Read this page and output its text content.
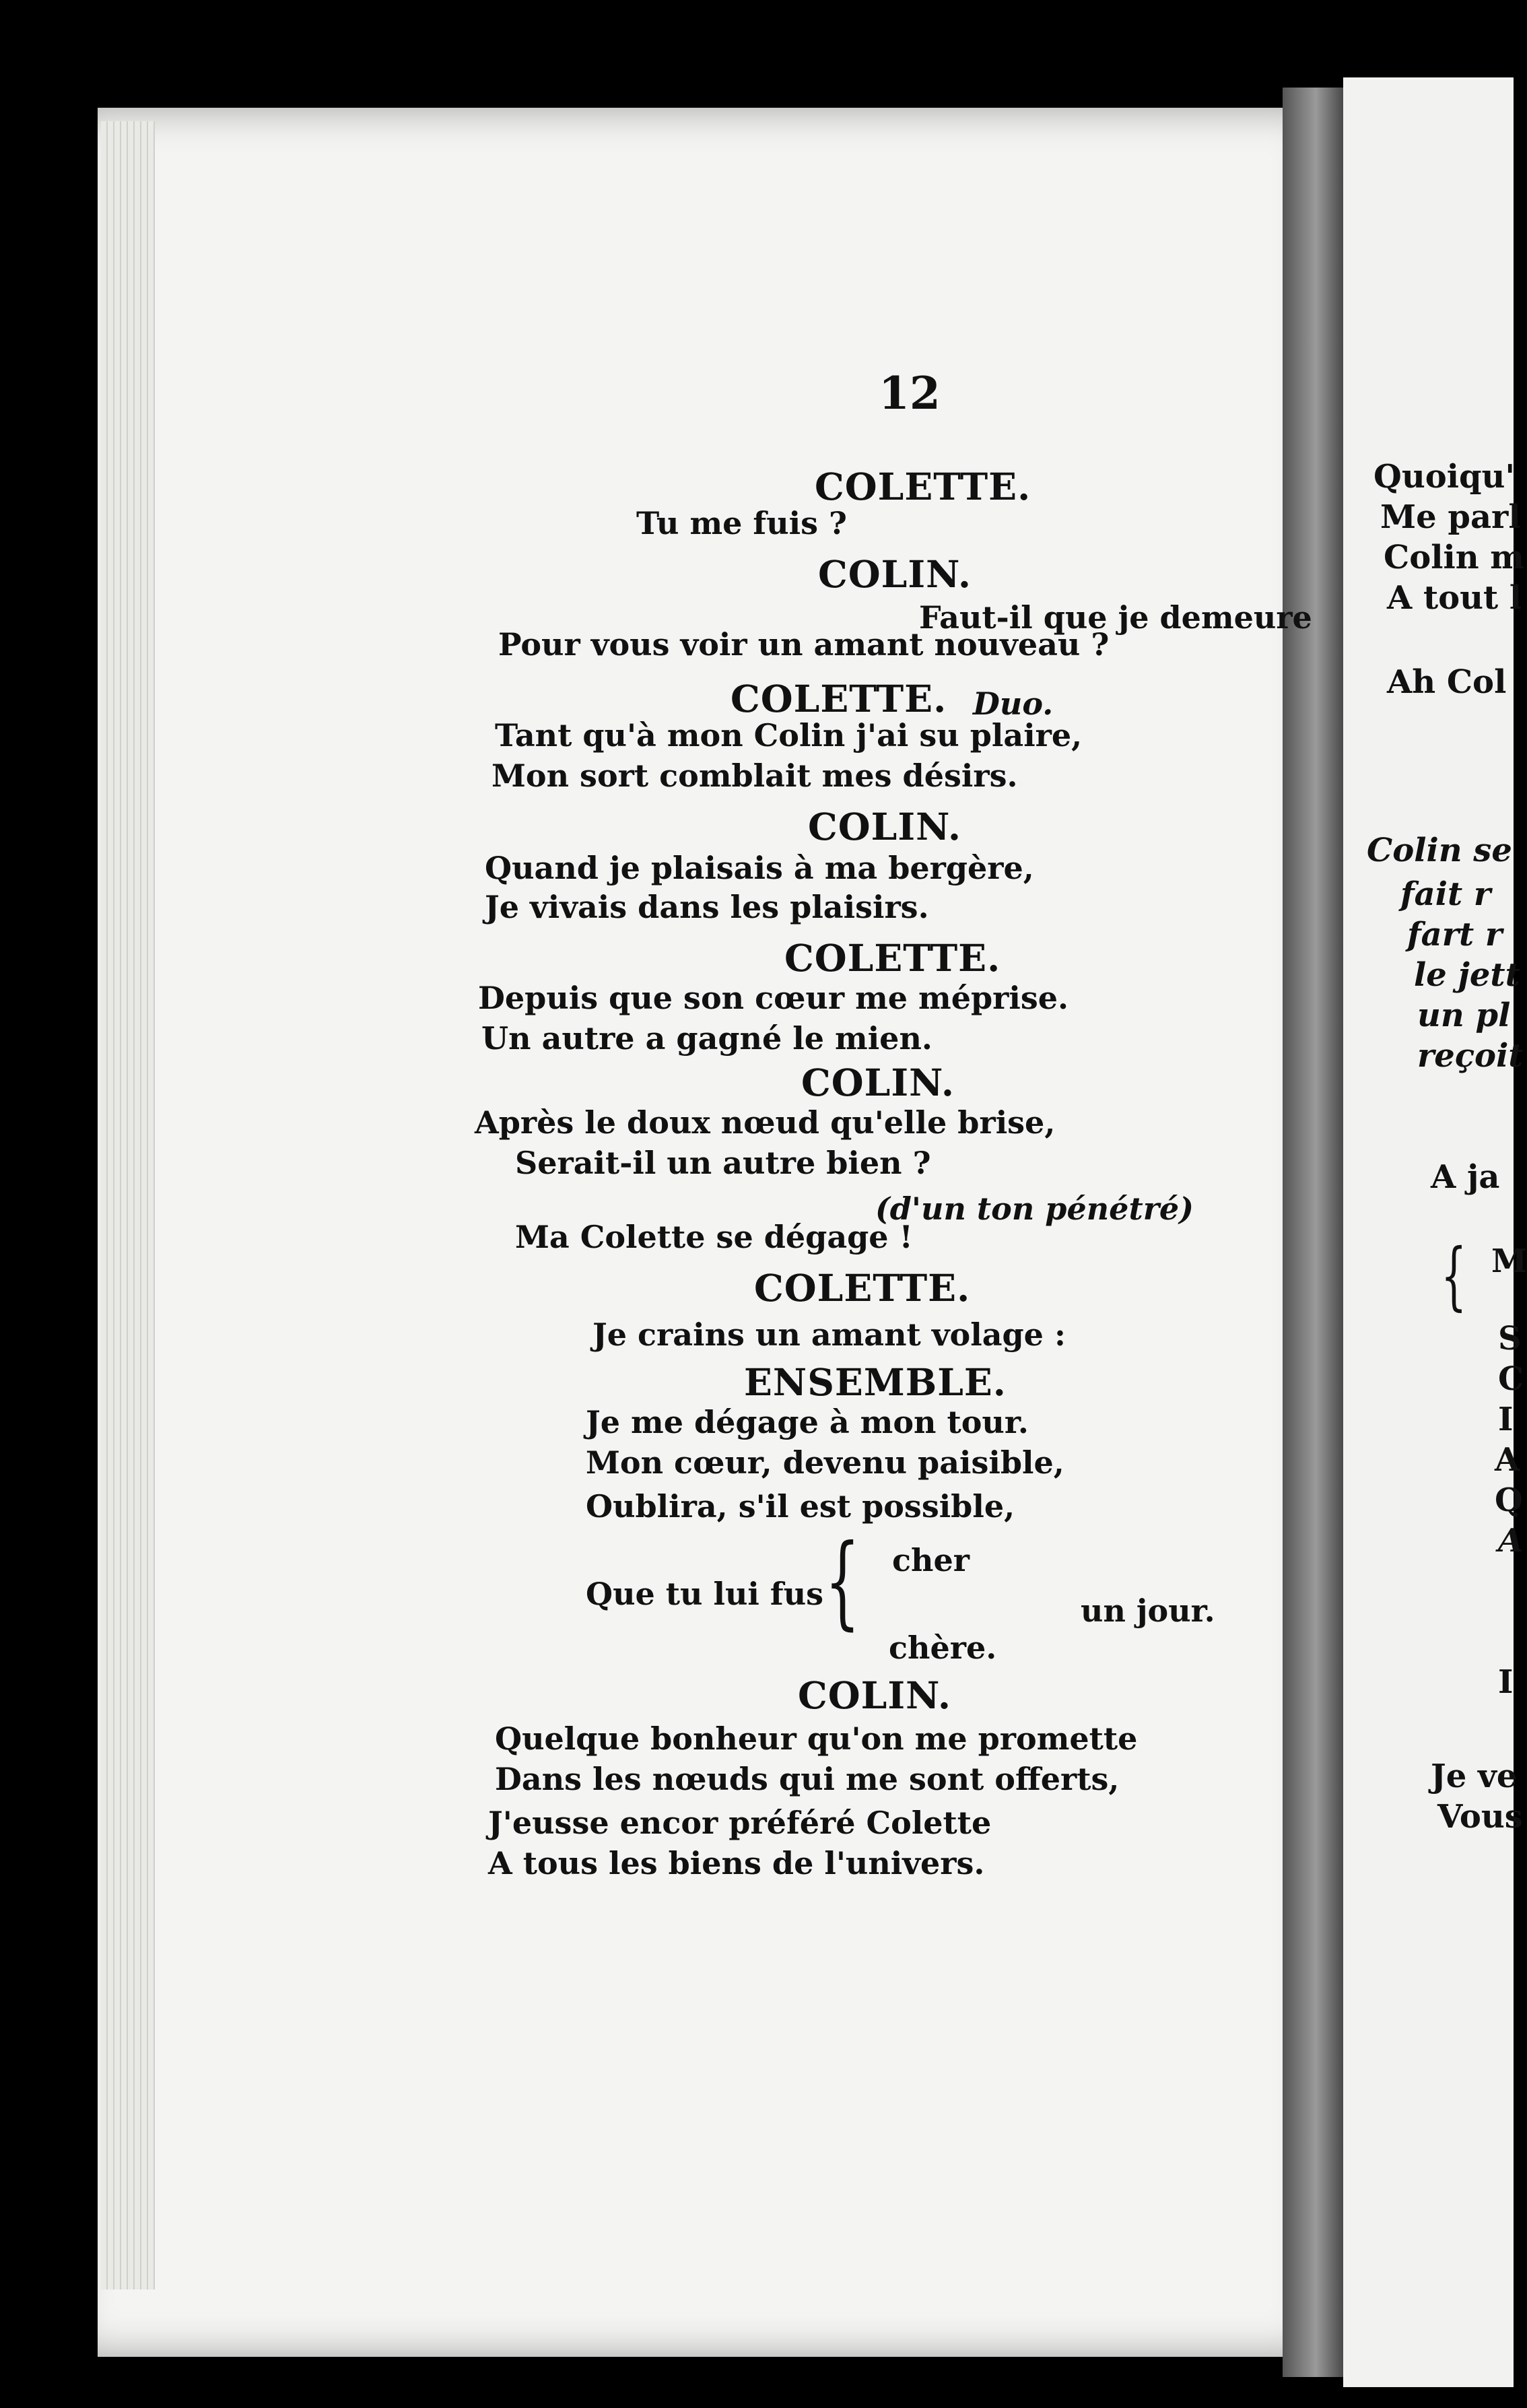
12
COLETTE.
Tu me fuis ?
COLIN.
Faut-il que je demeure
Pour vous voir un amant nouveau ?
COLETTE. Duo.
Tant qu'à mon Colin j'ai su plaire,
Mon sort comblait mes désirs.
COLIN.
Quand je plaisais à ma bergère,
Je vivais dans les plaisirs.
COLETTE.
Depuis que son cœur me méprise.
Un autre a gagné le mien.
COLIN.
Après le doux nœud qu'elle brise,
Serait-il un autre bien ?
(d'un ton pénétré)
Ma Colette se dégage !
COLETTE.
Je crains un amant volage :
ENSEMBLE.
Je me dégage à mon tour.
Mon cœur, devenu paisible,
Oublira, s'il est possible,
Que tu lui fus { cher
chère.
un jour.
COLIN.
Quelque bonheur qu'on me promette
Dans les nœuds qui me sont offerts,
J'eusse encor préféré Colette
A tous les biens de l'univers.
Quoiqu'
Me parl
Colin m
A tout l
Ah Col
Colin se
fait r
fart r
le jett
un pl
reçoit
A ja
{ M
S
C
I
A
Q
A
I
Je ve
Vous
